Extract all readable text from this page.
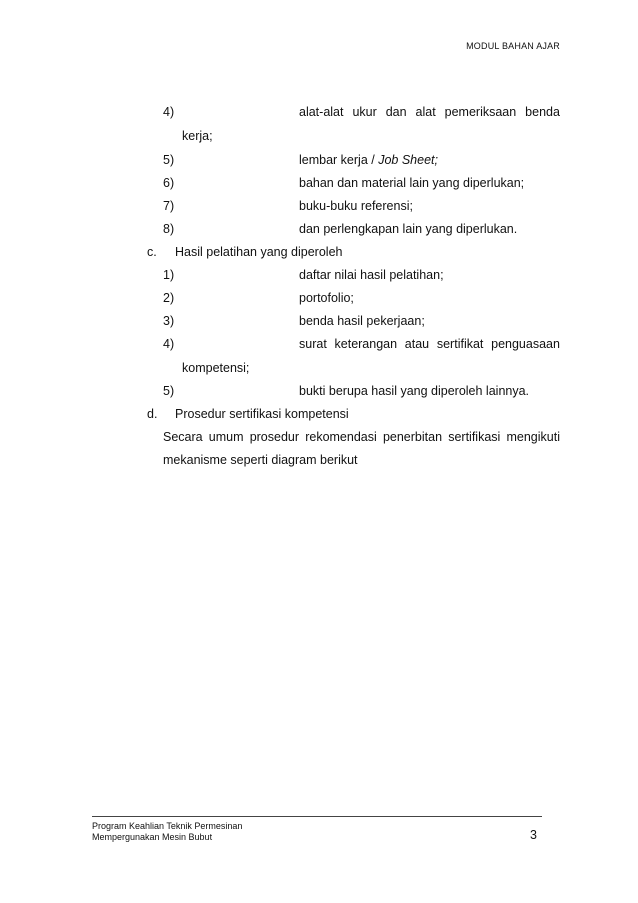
MODUL BAHAN AJAR
4)	alat-alat ukur dan alat pemeriksaan benda
kerja;
5)	lembar kerja / Job Sheet;
6)	bahan dan material lain yang diperlukan;
7)	buku-buku referensi;
8)	dan perlengkapan lain yang diperlukan.
c. Hasil pelatihan yang diperoleh
1)	daftar nilai hasil pelatihan;
2)	portofolio;
3)	benda hasil pekerjaan;
4)	surat keterangan atau sertifikat penguasaan
kompetensi;
5)	bukti berupa hasil yang diperoleh lainnya.
d. Prosedur sertifikasi kompetensi
Secara umum prosedur rekomendasi penerbitan sertifikasi mengikuti
mekanisme seperti diagram berikut
Program Keahlian Teknik Permesinan
Mempergunakan Mesin Bubut	3
